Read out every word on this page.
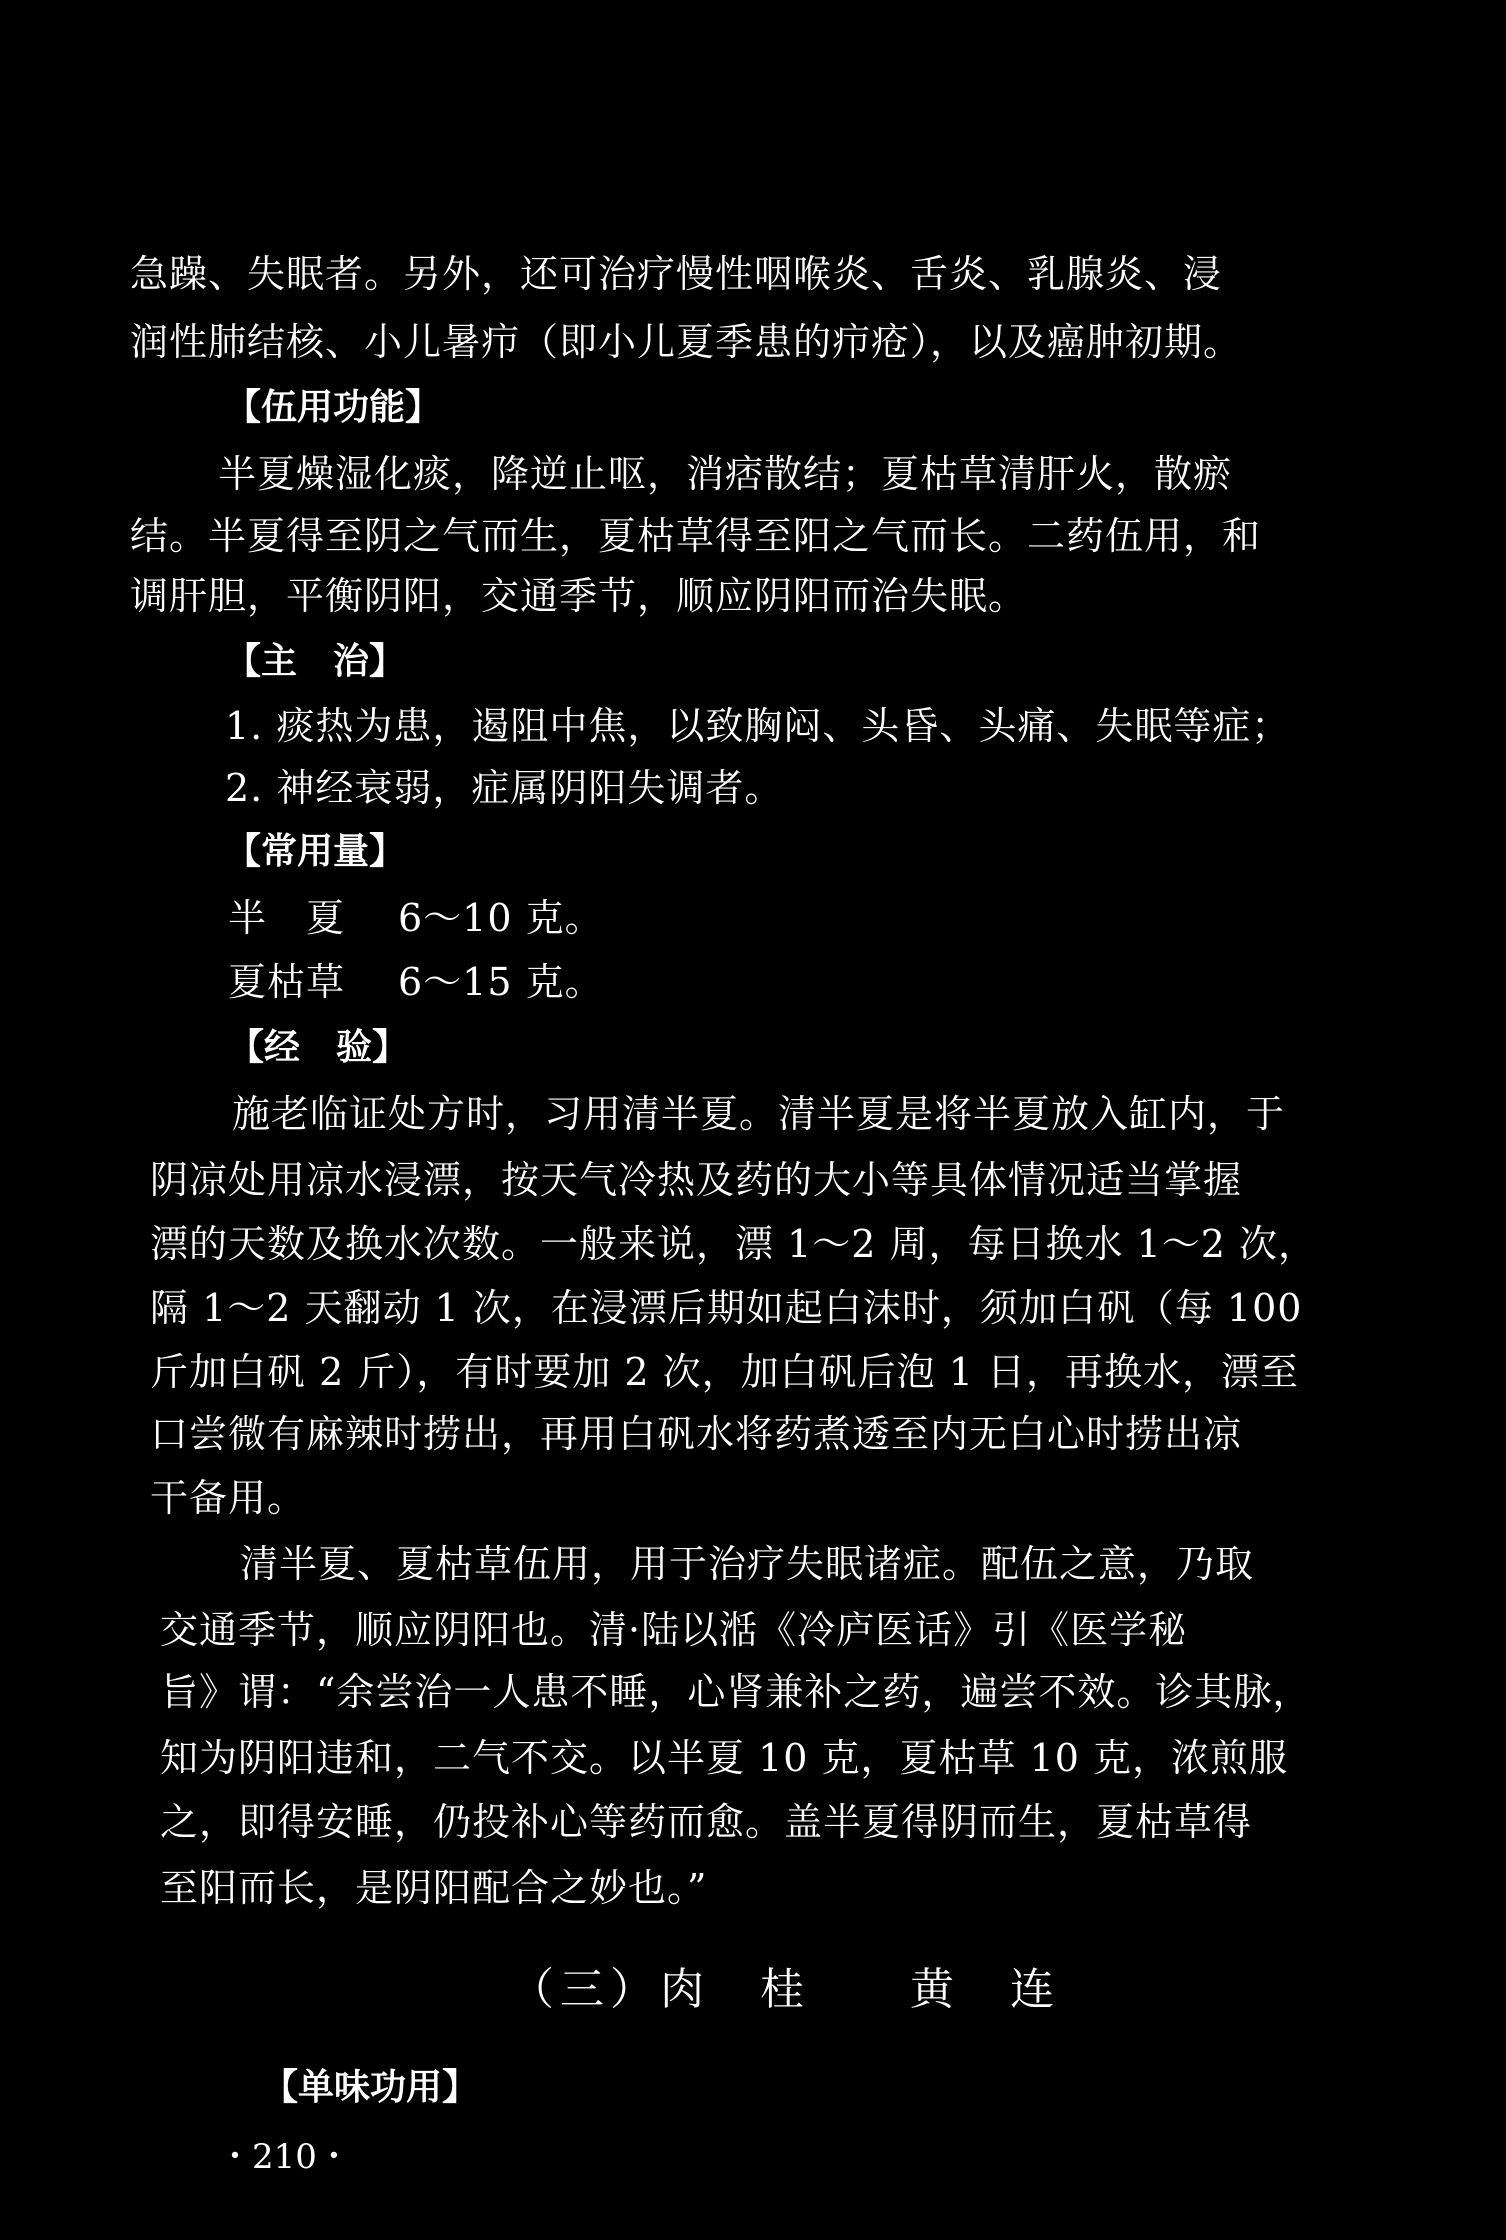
急躁、失眠者。另外，还可治疗慢性咽喉炎、舌炎、乳腺炎、浸
润性肺结核、小儿暑疖（即小儿夏季患的疖疮），以及癌肿初期。
【伍用功能】
半夏燥湿化痰，降逆止呕，消痞散结；夏枯草清肝火，散瘀
结。半夏得至阴之气而生，夏枯草得至阳之气而长。二药伍用，和
调肝胆，平衡阴阳，交通季节，顺应阴阳而治失眠。
【主　治】
1. 痰热为患，遏阻中焦，以致胸闷、头昏、头痛、失眠等症；
2. 神经衰弱，症属阴阳失调者。
【常用量】
半　夏 6～10 克。
夏枯草 6～15 克。
【经　验】
施老临证处方时，习用清半夏。清半夏是将半夏放入缸内，于
阴凉处用凉水浸漂，按天气冷热及药的大小等具体情况适当掌握
漂的天数及换水次数。一般来说，漂 1～2 周，每日换水 1～2 次，
隔 1～2 天翻动 1 次，在浸漂后期如起白沫时，须加白矾（每 100
斤加白矾 2 斤），有时要加 2 次，加白矾后泡 1 日，再换水，漂至
口尝微有麻辣时捞出，再用白矾水将药煮透至内无白心时捞出凉
干备用。
清半夏、夏枯草伍用，用于治疗失眠诸症。配伍之意，乃取
交通季节，顺应阴阳也。清·陆以湉《冷庐医话》引《医学秘
旨》谓：“余尝治一人患不睡，心肾兼补之药，遍尝不效。诊其脉，
知为阴阳违和，二气不交。以半夏 10 克，夏枯草 10 克，浓煎服
之，即得安睡，仍投补心等药而愈。盖半夏得阴而生，夏枯草得
至阳而长，是阴阳配合之妙也。”
（三）肉　桂　　黄　连
【单味功用】
・210・
